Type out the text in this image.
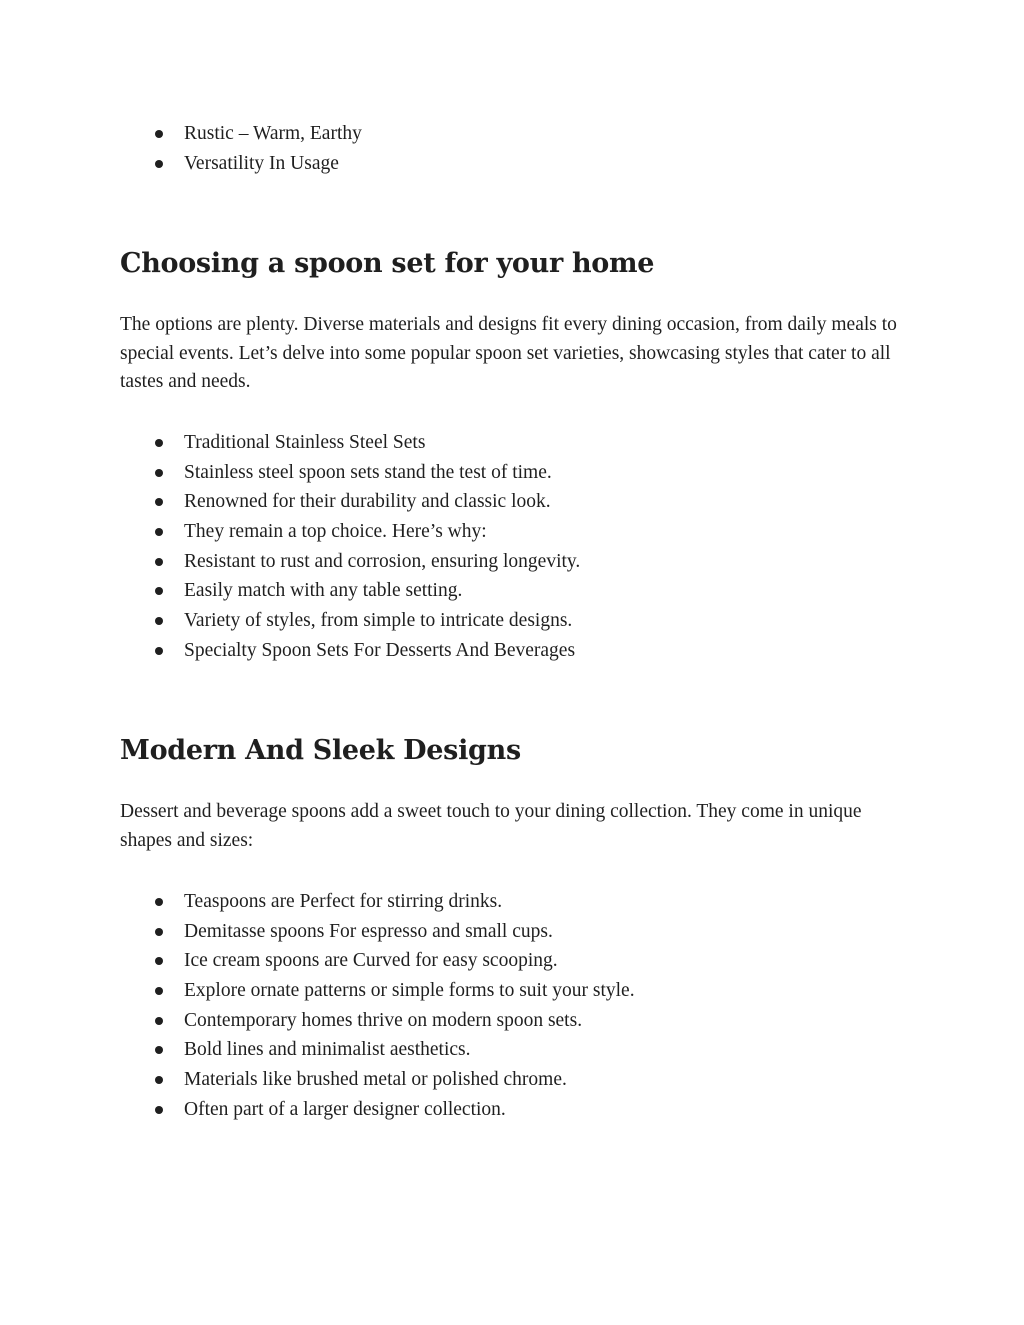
Rustic – Warm, Earthy
Versatility In Usage
Choosing a spoon set for your home

The options are plenty. Diverse materials and designs fit every dining occasion, from daily meals to special events. Let’s delve into some popular spoon set varieties, showcasing styles that cater to all tastes and needs.

Traditional Stainless Steel Sets
Stainless steel spoon sets stand the test of time.
Renowned for their durability and classic look.
They remain a top choice. Here’s why:
Resistant to rust and corrosion, ensuring longevity.
Easily match with any table setting.
Variety of styles, from simple to intricate designs.
Specialty Spoon Sets For Desserts And Beverages
Modern And Sleek Designs

Dessert and beverage spoons add a sweet touch to your dining collection. They come in unique shapes and sizes:

Teaspoons are Perfect for stirring drinks.
Demitasse spoons For espresso and small cups.
Ice cream spoons are Curved for easy scooping.
Explore ornate patterns or simple forms to suit your style.
Contemporary homes thrive on modern spoon sets.
Bold lines and minimalist aesthetics.
Materials like brushed metal or polished chrome.
Often part of a larger designer collection.
